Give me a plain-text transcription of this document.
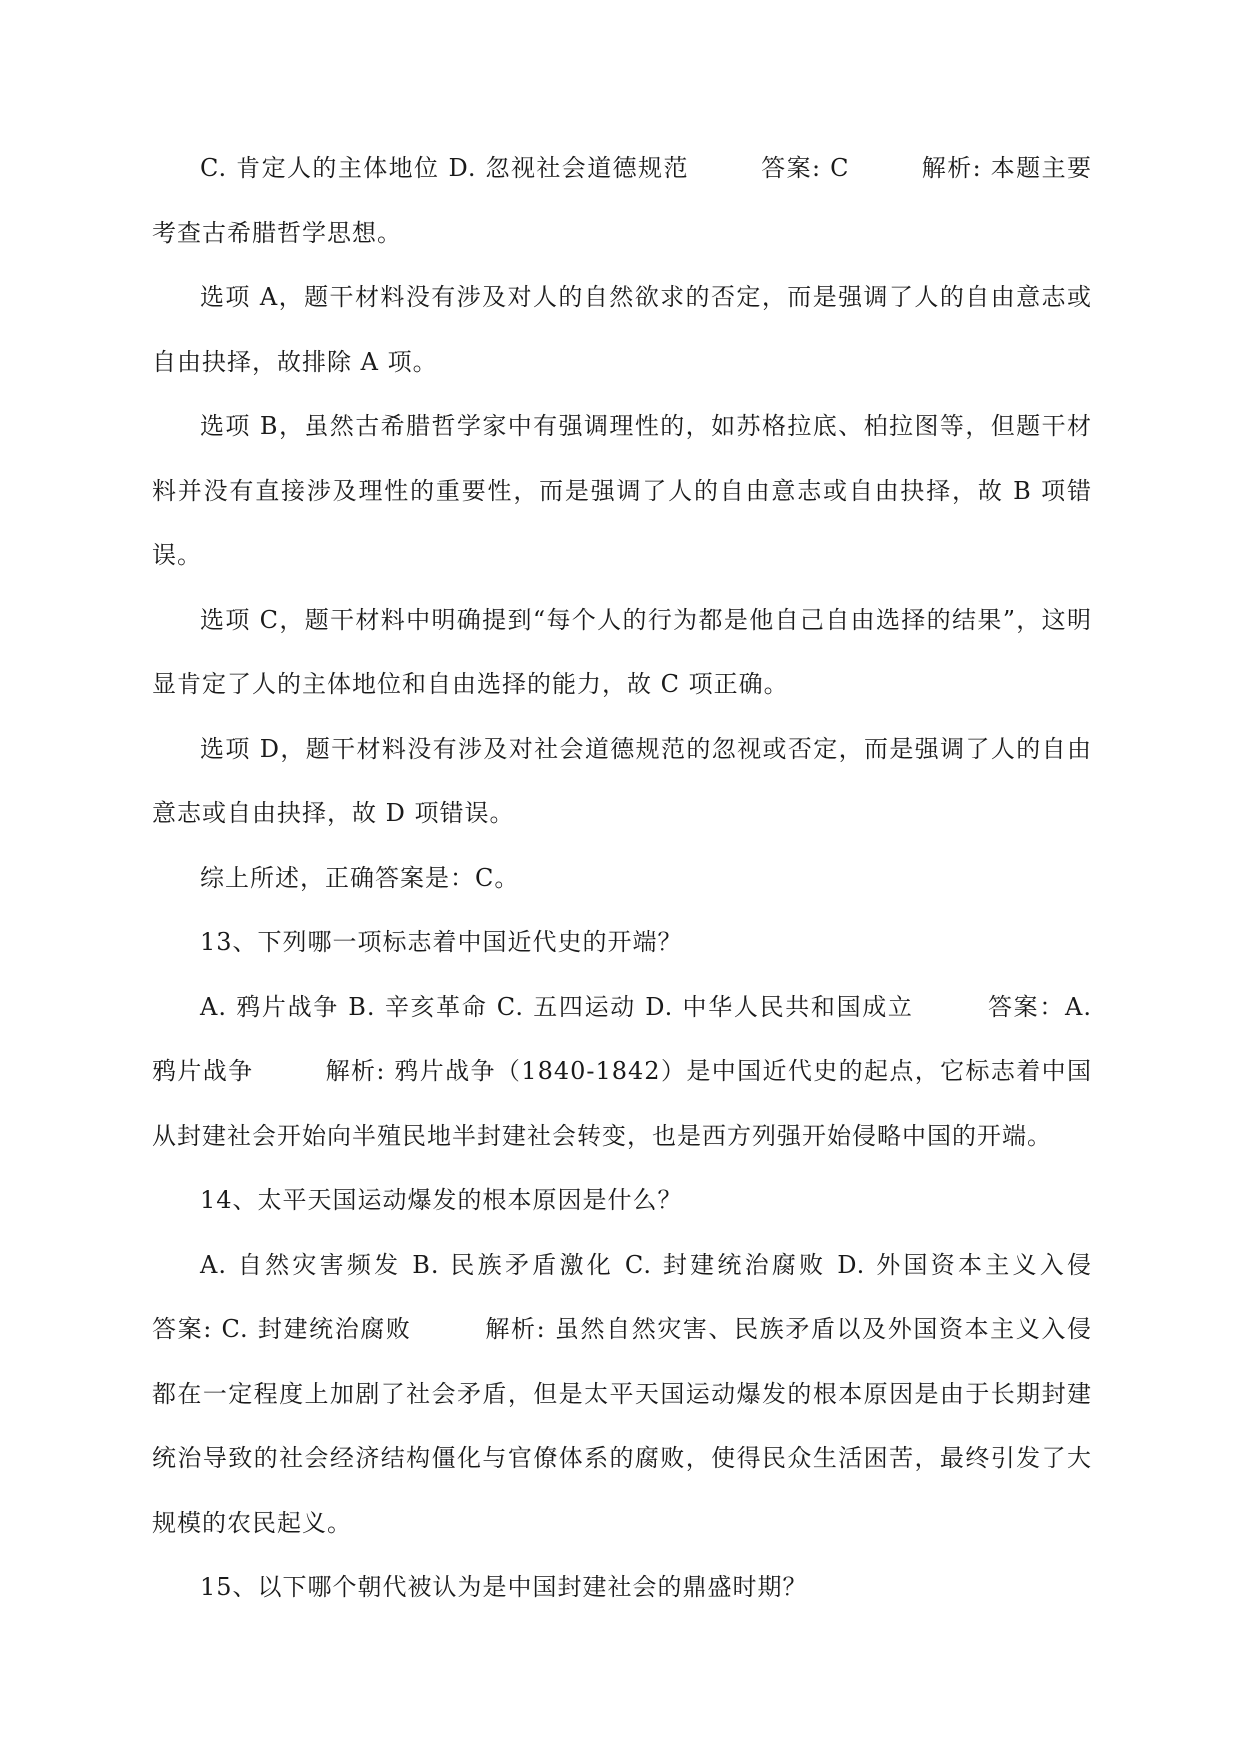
C. 肯定人的主体地位 D. 忽视社会道德规范        答案: C        解析: 本题主要考查古希腊哲学思想。

选项 A，题干材料没有涉及对人的自然欲求的否定，而是强调了人的自由意志或自由抉择，故排除 A 项。

选项 B，虽然古希腊哲学家中有强调理性的，如苏格拉底、柏拉图等，但题干材料并没有直接涉及理性的重要性，而是强调了人的自由意志或自由抉择，故 B 项错误。

选项 C，题干材料中明确提到“每个人的行为都是他自己自由选择的结果”，这明显肯定了人的主体地位和自由选择的能力，故 C 项正确。

选项 D，题干材料没有涉及对社会道德规范的忽视或否定，而是强调了人的自由意志或自由抉择，故 D 项错误。

综上所述，正确答案是：C。

13、下列哪一项标志着中国近代史的开端？

A. 鸦片战争 B. 辛亥革命 C. 五四运动 D. 中华人民共和国成立        答案：A. 鸦片战争        解析: 鸦片战争（1840-1842）是中国近代史的起点，它标志着中国从封建社会开始向半殖民地半封建社会转变，也是西方列强开始侵略中国的开端。

14、太平天国运动爆发的根本原因是什么？

A. 自然灾害频发 B. 民族矛盾激化 C. 封建统治腐败 D. 外国资本主义入侵        答案: C. 封建统治腐败        解析: 虽然自然灾害、民族矛盾以及外国资本主义入侵都在一定程度上加剧了社会矛盾，但是太平天国运动爆发的根本原因是由于长期封建统治导致的社会经济结构僵化与官僚体系的腐败，使得民众生活困苦，最终引发了大规模的农民起义。

15、以下哪个朝代被认为是中国封建社会的鼎盛时期？
